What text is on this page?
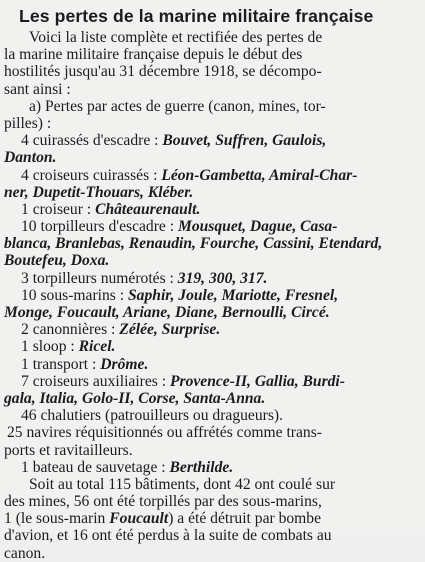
Les pertes de la marine militaire française
Voici la liste complète et rectifiée des pertes de
la marine militaire française depuis le début des
hostilités jusqu'au 31 décembre 1918, se décompo-
sant ainsi :
a) Pertes par actes de guerre (canon, mines, tor-
pilles) :
4 cuirassés d'escadre : Bouvet, Suffren, Gaulois,
Danton.
4 croiseurs cuirassés : Léon-Gambetta, Amiral-Char-
ner, Dupetit-Thouars, Kléber.
1 croiseur : Châteaurenault.
10 torpilleurs d'escadre : Mousquet, Dague, Casa-
blanca, Branlebas, Renaudin, Fourche, Cassini, Etendard,
Boutefeu, Doxa.
3 torpilleurs numérotés : 319, 300, 317.
10 sous-marins : Saphir, Joule, Mariotte, Fresnel,
Monge, Foucault, Ariane, Diane, Bernoulli, Circé.
2 canonnières : Zélée, Surprise.
1 sloop : Ricel.
1 transport : Drôme.
7 croiseurs auxiliaires : Provence-II, Gallia, Burdi-
gala, Italia, Golo-II, Corse, Santa-Anna.
46 chalutiers (patrouilleurs ou dragueurs).
25 navires réquisitionnés ou affrétés comme trans-
ports et ravitailleurs.
1 bateau de sauvetage : Berthilde.
Soit au total 115 bâtiments, dont 42 ont coulé sur
des mines, 56 ont été torpillés par des sous-marins,
1 (le sous-marin Foucault) a été détruit par bombe
d'avion, et 16 ont été perdus à la suite de combats au
canon.
